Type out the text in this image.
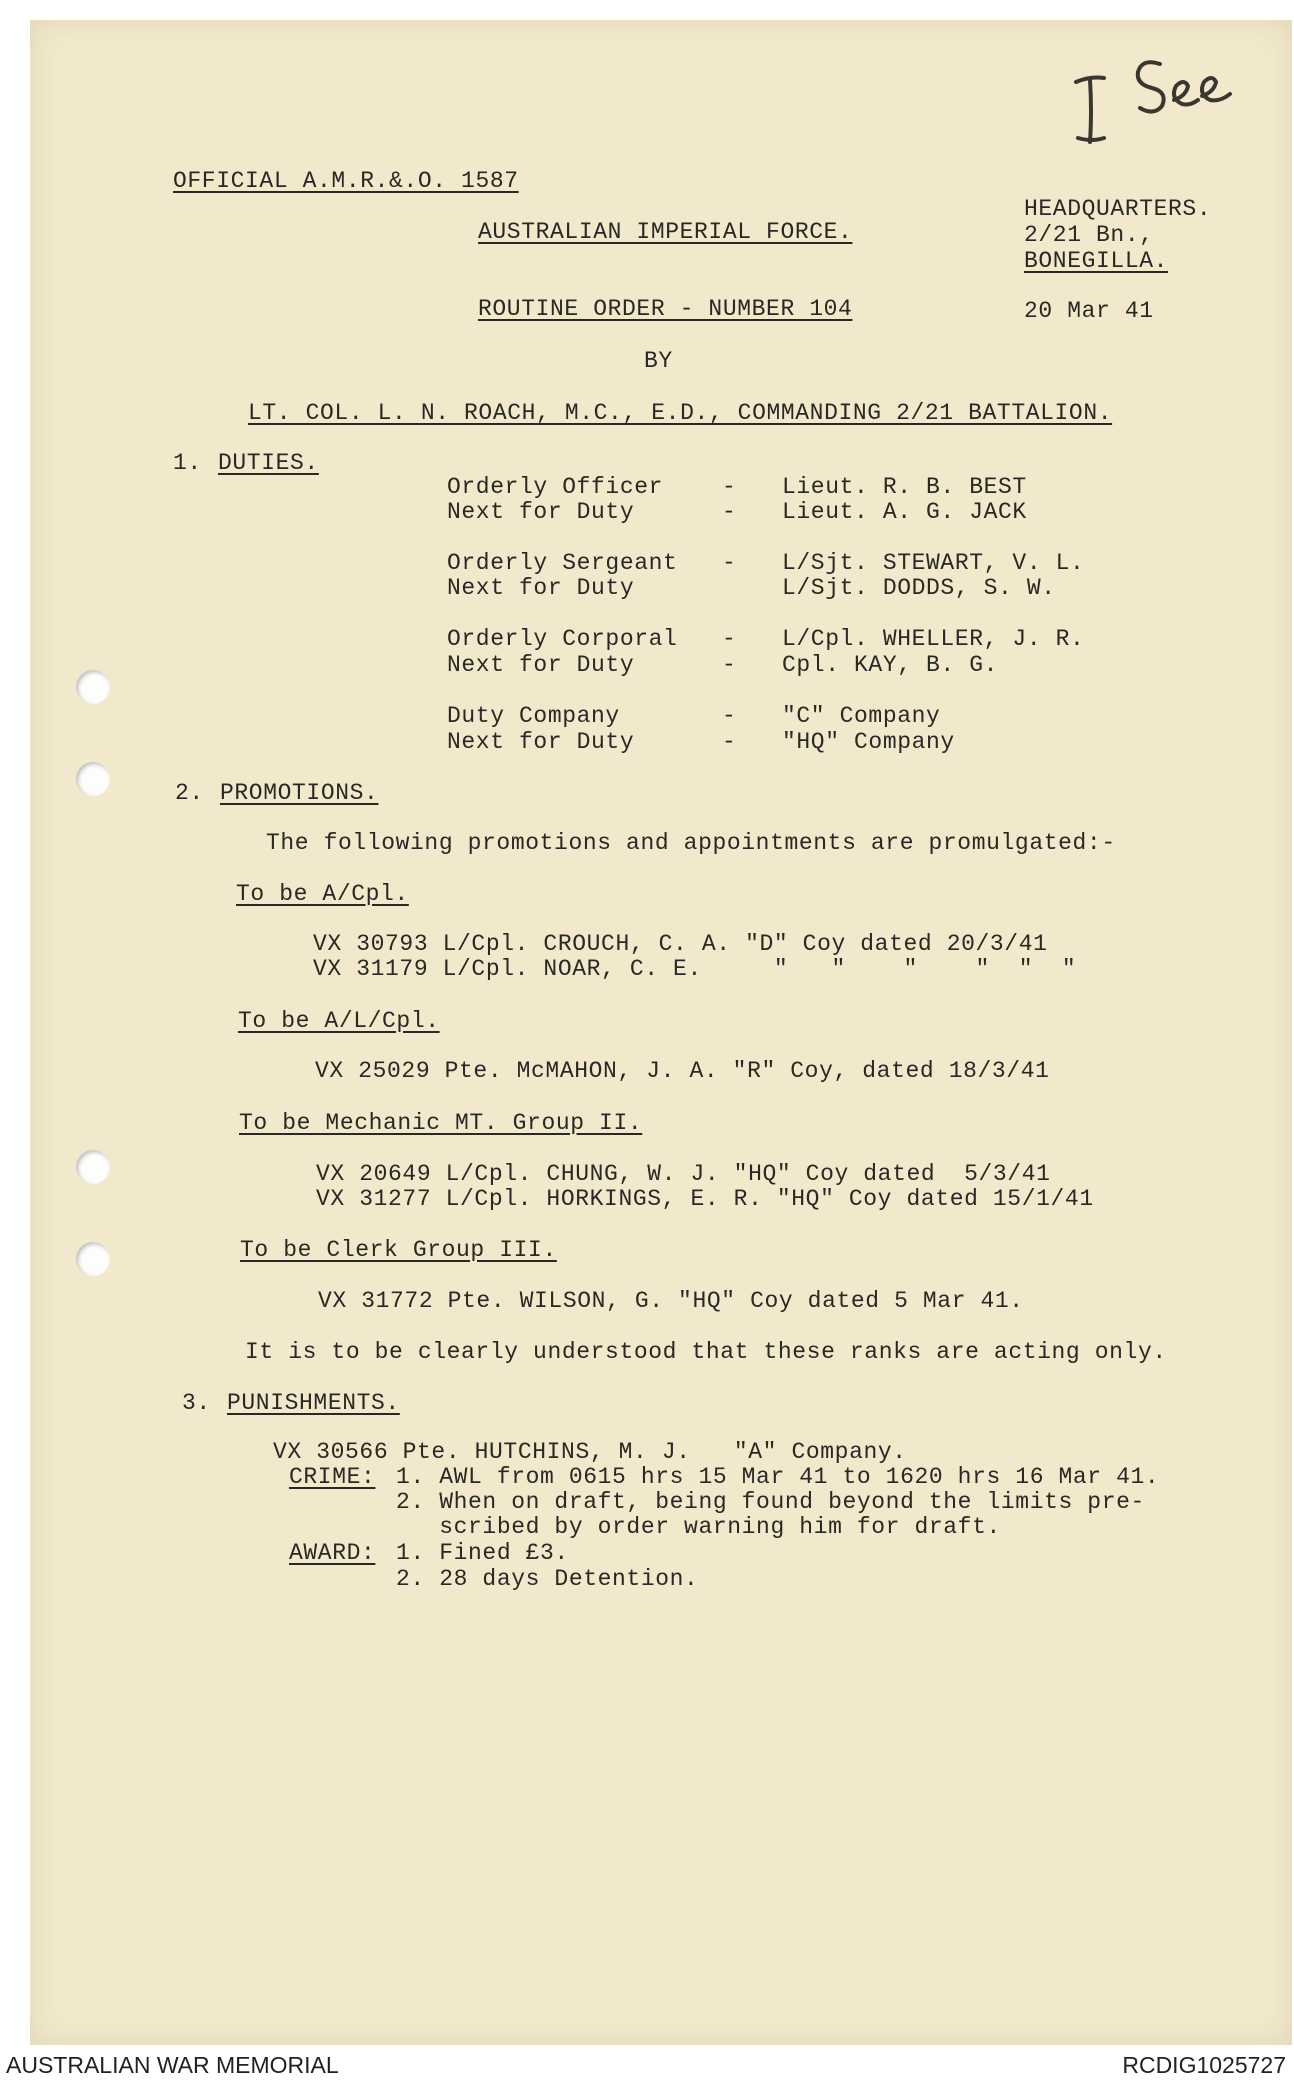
OFFICIAL A.M.R.&.O. 1587
AUSTRALIAN IMPERIAL FORCE.
ROUTINE ORDER - NUMBER 104
HEADQUARTERS.
2/21 Bn.,
BONEGILLA.
20 Mar 41
BY
LT. COL. L. N. ROACH, M.C., E.D., COMMANDING 2/21 BATTALION.
1. DUTIES.
Orderly Officer	- Lieut. R. B. BEST
Next for Duty	- Lieut. A. G. JACK
Orderly Sergeant - L/Sjt. STEWART, V. L.
Next for Duty	L/Sjt. DODDS, S. W.
Orderly Corporal - L/Cpl. WHELLER, J. R.
Next for Duty	- Cpl. KAY, B. G.
Duty Company	- "C" Company
Next for Duty	- "HQ" Company
2. PROMOTIONS.
The following promotions and appointments are promulgated:-
To be A/Cpl.
VX 30793 L/Cpl. CROUCH, C. A. "D" Coy dated 20/3/41
VX 31179 L/Cpl. NOAR, C. E.     "   "    "    "  "  "
To be A/L/Cpl.
VX 25029 Pte. McMAHON, J. A. "R" Coy, dated 18/3/41
To be Mechanic MT. Group II.
VX 20649 L/Cpl. CHUNG, W. J. "HQ" Coy dated  5/3/41
VX 31277 L/Cpl. HORKINGS, E. R. "HQ" Coy dated 15/1/41
To be Clerk Group III.
VX 31772 Pte. WILSON, G. "HQ" Coy dated 5 Mar 41.
It is to be clearly understood that these ranks are acting only.
3. PUNISHMENTS.
VX 30566 Pte. HUTCHINS, M. J.   "A" Company.
CRIME: 1. AWL from 0615 hrs 15 Mar 41 to 1620 hrs 16 Mar 41.
2. When on draft, being found beyond the limits pre-
scribed by order warning him for draft.
AWARD: 1. Fined £3.
2. 28 days Detention.
AUSTRALIAN WAR MEMORIAL	RCDIG1025727
